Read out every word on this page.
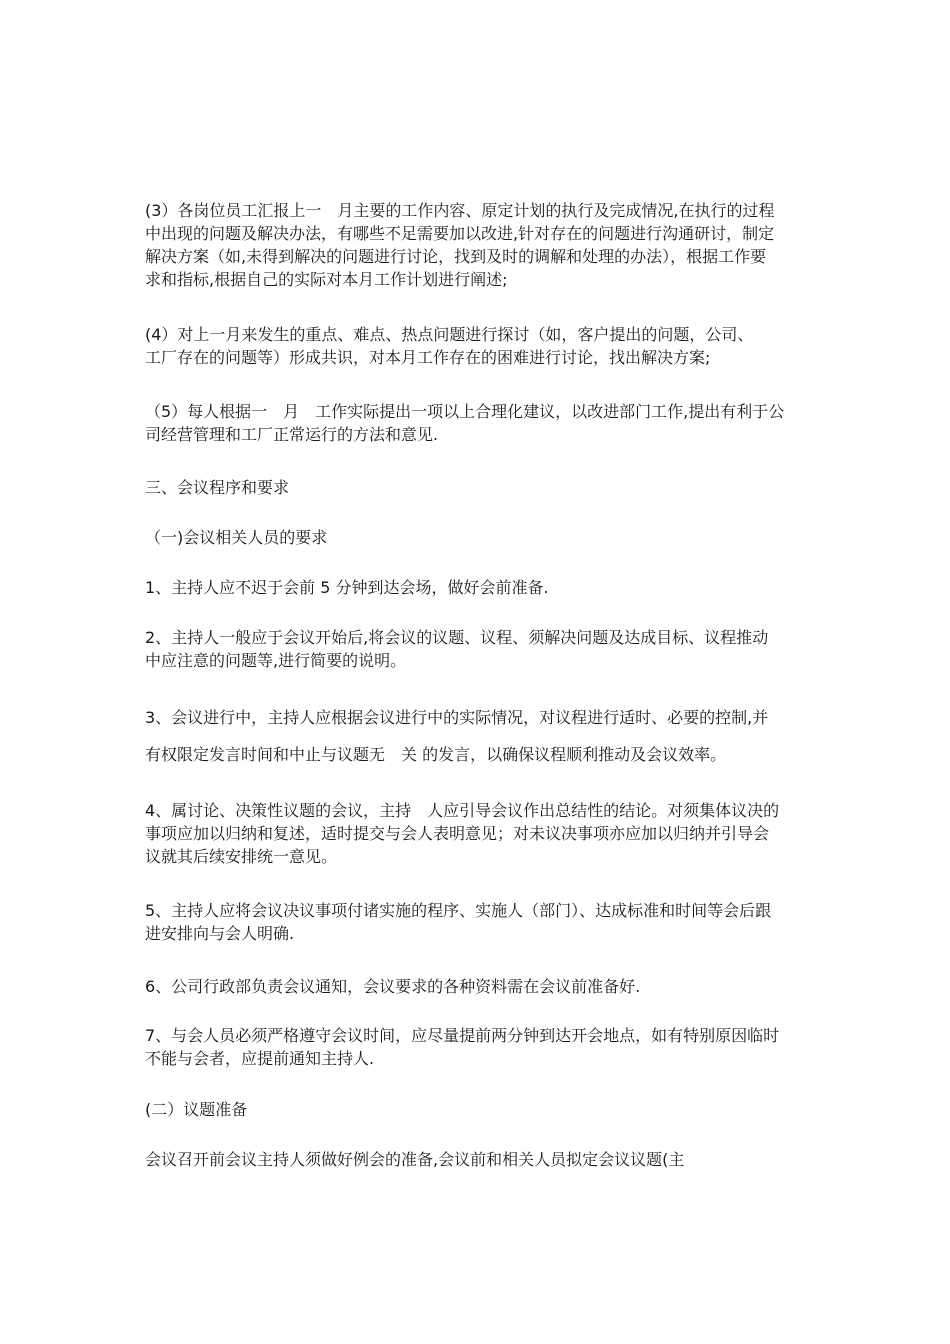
(3）各岗位员工汇报上一　月主要的工作内容、原定计划的执行及完成情况,在执行的过程
中出现的问题及解决办法，有哪些不足需要加以改进,针对存在的问题进行沟通研讨，制定
解决方案（如,未得到解决的问题进行讨论，找到及时的调解和处理的办法），根据工作要
求和指标,根据自己的实际对本月工作计划进行阐述;

(4）对上一月来发生的重点、难点、热点问题进行探讨（如，客户提出的问题，公司、
工厂存在的问题等）形成共识，对本月工作存在的困难进行讨论，找出解决方案;

（5）每人根据一　月　工作实际提出一项以上合理化建议，以改进部门工作,提出有利于公
司经营管理和工厂正常运行的方法和意见.

三、会议程序和要求

（一)会议相关人员的要求

1、主持人应不迟于会前 5 分钟到达会场，做好会前准备.

2、主持人一般应于会议开始后,将会议的议题、议程、须解决问题及达成目标、议程推动
中应注意的问题等,进行简要的说明。

3、会议进行中，主持人应根据会议进行中的实际情况，对议程进行适时、必要的控制,并
有权限定发言时间和中止与议题无　关 的发言，以确保议程顺利推动及会议效率。

4、属讨论、决策性议题的会议，主持　人应引导会议作出总结性的结论。对须集体议决的
事项应加以归纳和复述，适时提交与会人表明意见；对未议决事项亦应加以归纳并引导会
议就其后续安排统一意见。

5、主持人应将会议决议事项付诸实施的程序、实施人（部门）、达成标准和时间等会后跟
进安排向与会人明确.

6、公司行政部负责会议通知，会议要求的各种资料需在会议前准备好.

7、与会人员必须严格遵守会议时间，应尽量提前两分钟到达开会地点，如有特别原因临时
不能与会者，应提前通知主持人.

(二）议题准备

会议召开前会议主持人须做好例会的准备,会议前和相关人员拟定会议议题(主
